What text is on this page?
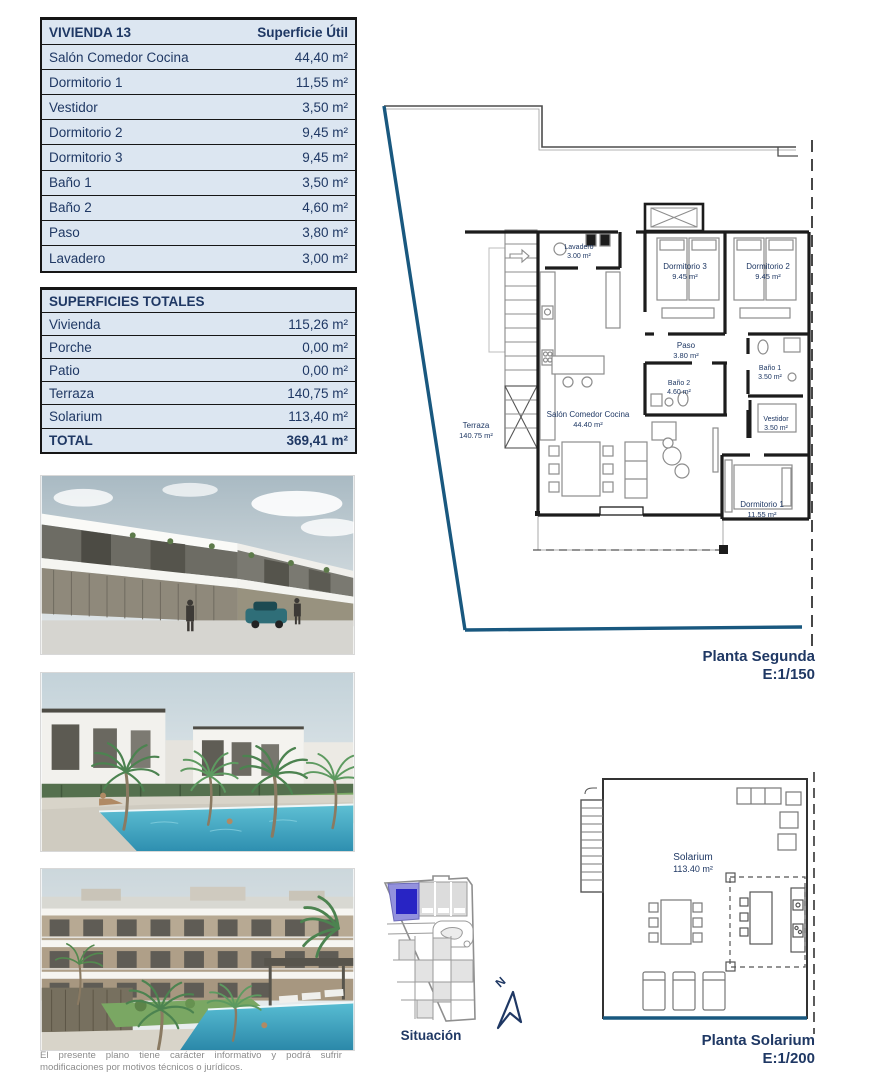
VIVIENDA 13	Superficie Útil
Salón Comedor Cocina	44,40 m²
Dormitorio 1	11,55 m²
Vestidor	3,50 m²
Dormitorio 2	9,45 m²
Dormitorio 3	9,45 m²
Baño 1	3,50 m²
Baño 2	4,60 m²
Paso	3,80 m²
Lavadero	3,00 m²
SUPERFICIES TOTALES
Vivienda	115,26 m²
Porche	0,00 m²
Patio	0,00 m²
Terraza	140,75 m²
Solarium	113,40 m²
TOTAL	369,41 m²
El presente plano tiene carácter informativo y podrá sufrir modificaciones por motivos técnicos o jurídicos.
Terraza
140.75 m²
Lavadero
3.00 m²
Dormitorio 3
9.45 m²
Dormitorio 2
9.45 m²
Paso
3.80 m²
Baño 2
4.60 m²
Baño 1
3.50 m²
Vestidor
3.50 m²
Dormitorio 1
11.55 m²
Salón Comedor Cocina
44.40 m²
Planta Segunda
E:1/150
Solarium
113.40 m²
Planta Solarium
E:1/200
Situación
N
